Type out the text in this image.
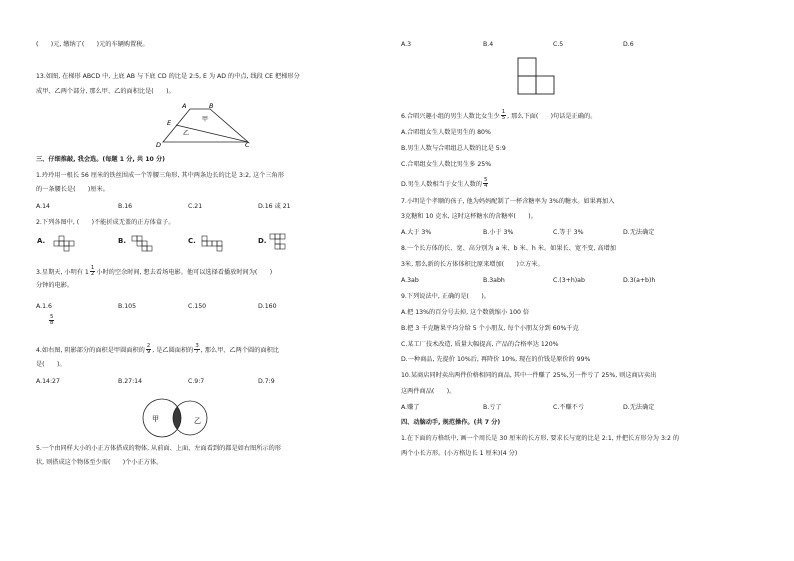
(　　)元, 缴纳了(　　)元的车辆购置税。
13.如图, 在梯形 ABCD 中, 上底 AB 与下底 CD 的比是 2:5, E 为 AD 的中点, 线段 CE 把梯形分
成甲、乙两个部分, 那么甲、乙的面积比是(　　)。
A	B
E
D	C
甲
乙
三、仔细推敲, 我会选。(每题 1 分, 共 10 分)
1.玲玲用一根长 56 厘米的铁丝围成一个等腰三角形, 其中两条边长的比是 3:2, 这个三角形
的一条腰长是(　　)厘米。
A.14	B.16	C.21	D.16 或 21
2.下列各图中, (　　)不能折成无盖的正方体盒子。
A.	B.	C.	D.
3.星期天, 小明有 $1 \frac{1}{2}$ 小时的空余时间, 想去看场电影。他可以选择看播放时间为(　　)
分钟的电影。
A.1.6	B.105	C.150	D.160
$\frac{5}{8}$
4.如右图, 阴影部分的面积是甲圆面积的 $\frac{2}{9}$ , 是乙圆面积的 $\frac{3}{7}$ , 那么甲、乙两个圆的面积比
是(　　)。
A.14:27	B.27:14	C.9:7	D.7:9
甲	乙
5.一个由同样大小的小正方体搭成的物体, 从前面、上面、左面看到的都是如右图所示的形
状, 则搭成这个物体至少需(　　)个小正方体。
A.3	B.4	C.5	D.6
6.合唱兴趣小组的男生人数比女生少 $\frac{1}{5}$ , 那么下面(　　)句话是正确的。
A.合唱组女生人数是男生的 80%
B.男生人数与合唱组总人数的比是 5:9
C.合唱组女生人数比男生多 25%
D.男生人数相当于女生人数的 $\frac{5}{4}$
7.小明是个孝顺的孩子, 他为妈妈配制了一杯含糖率为 3%的糖水。如果再加入
3克糖和 10 克水, 这时这杯糖水的含糖率(　　)。
A.大于 3%	B.小于 3%	C.等于 3%	D.无法确定
8.一个长方体的长、宽、高分别为 a 米、b 米、h 米。如果长、宽不变, 高增加
3米, 那么新的长方体体积比原来增加(　　)立方米。
A.3ab	B.3abh	C.(3+h)ab	D.3(a+b)h
9.下列说法中, 正确的是(　　)。
A.把 13%的百分号去掉, 这个数就缩小 100 倍
B.把 3 千克糖果平均分给 5 个小朋友, 每个小朋友分到 60%千克
C.某工厂技术改造, 质量大幅提高, 产品的合格率达 120%
D.一种商品, 先提价 10%后, 再降价 10%, 现在的价钱是原价的 99%
10.某商店同时卖出两件价格相同的商品, 其中一件赚了 25%,另一件亏了 25%, 则这商店卖出
这两件商品(　　)。
A.赚了	B.亏了	C.不赚不亏	D.无法确定
四、动脑动手, 规范操作。(共 7 分)
1.在下面的方格纸中, 画一个周长是 30 厘米的长方形, 要求长与宽的比是 2:1, 并把长方形分为 3:2 的
两个小长方形。(小方格边长 1 厘米)(4 分)
